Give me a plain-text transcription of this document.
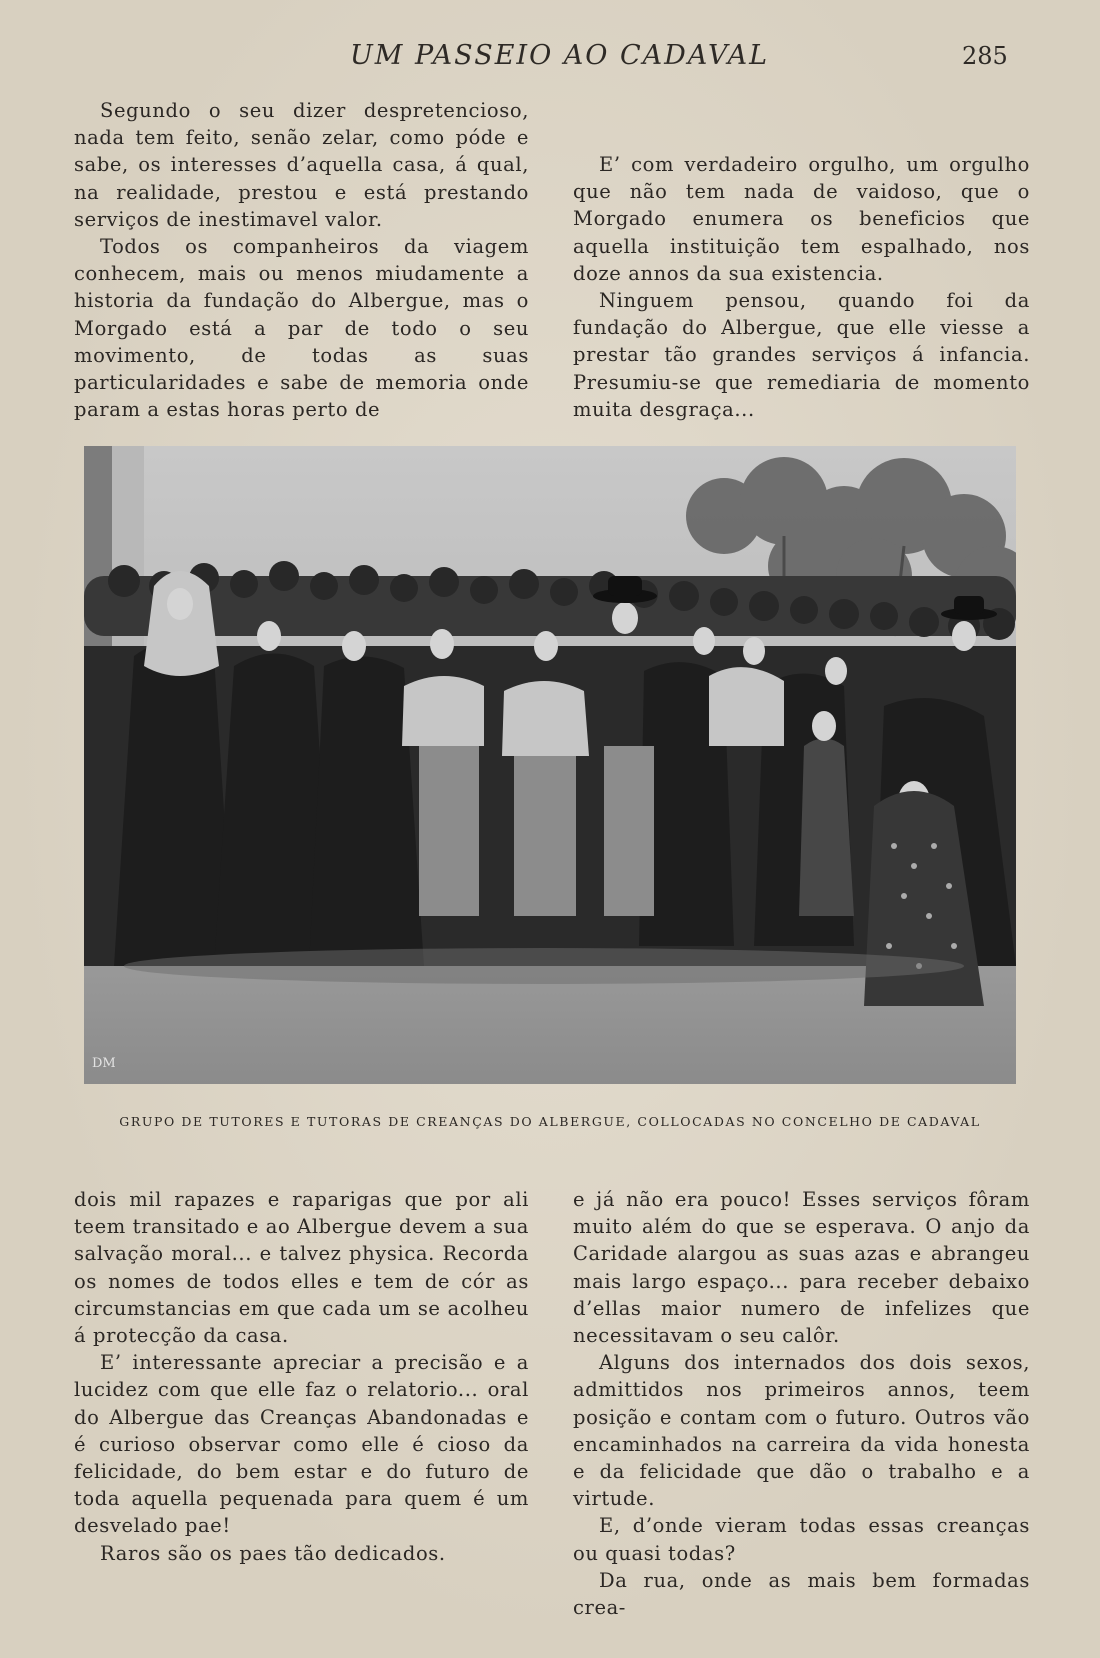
UM PASSEIO AO CADAVAL	285

Segundo o seu dizer despretencioso, nada tem feito, senão zelar, como póde e sabe, os interesses d’aquella casa, á qual, na realidade, prestou e está prestando serviços de inestimavel valor.

Todos os companheiros da viagem conhecem, mais ou menos miudamente a historia da fundação do Albergue, mas o Morgado está a par de todo o seu movimento, de todas as suas particularidades e sabe de memoria onde param a estas horas perto de

E’ com verdadeiro orgulho, um orgulho que não tem nada de vaidoso, que o Morgado enumera os beneficios que aquella instituição tem espalhado, nos doze annos da sua existencia.

Ninguem pensou, quando foi da fundação do Albergue, que elle viesse a prestar tão grandes serviços á infancia. Presumiu-se que remediaria de momento muita desgraça...

DM
GRUPO DE TUTORES E TUTORAS DE CREANÇAS DO ALBERGUE, COLLOCADAS NO CONCELHO DE CADAVAL

dois mil rapazes e raparigas que por ali teem transitado e ao Albergue devem a sua salvação moral... e talvez physica. Recorda os nomes de todos elles e tem de cór as circumstancias em que cada um se acolheu á protecção da casa.

E’ interessante apreciar a precisão e a lucidez com que elle faz o relatorio... oral do Albergue das Creanças Abandonadas e é curioso observar como elle é cioso da felicidade, do bem estar e do futuro de toda aquella pequenada para quem é um desvelado pae!

Raros são os paes tão dedicados.

e já não era pouco! Esses serviços fôram muito além do que se esperava. O anjo da Caridade alargou as suas azas e abrangeu mais largo espaço... para receber debaixo d’ellas maior numero de infelizes que necessitavam o seu calôr.

Alguns dos internados dos dois sexos, admittidos nos primeiros annos, teem posição e contam com o futuro. Outros vão encaminhados na carreira da vida honesta e da felicidade que dão o trabalho e a virtude.

E, d’onde vieram todas essas creanças ou quasi todas?

Da rua, onde as mais bem formadas crea-
